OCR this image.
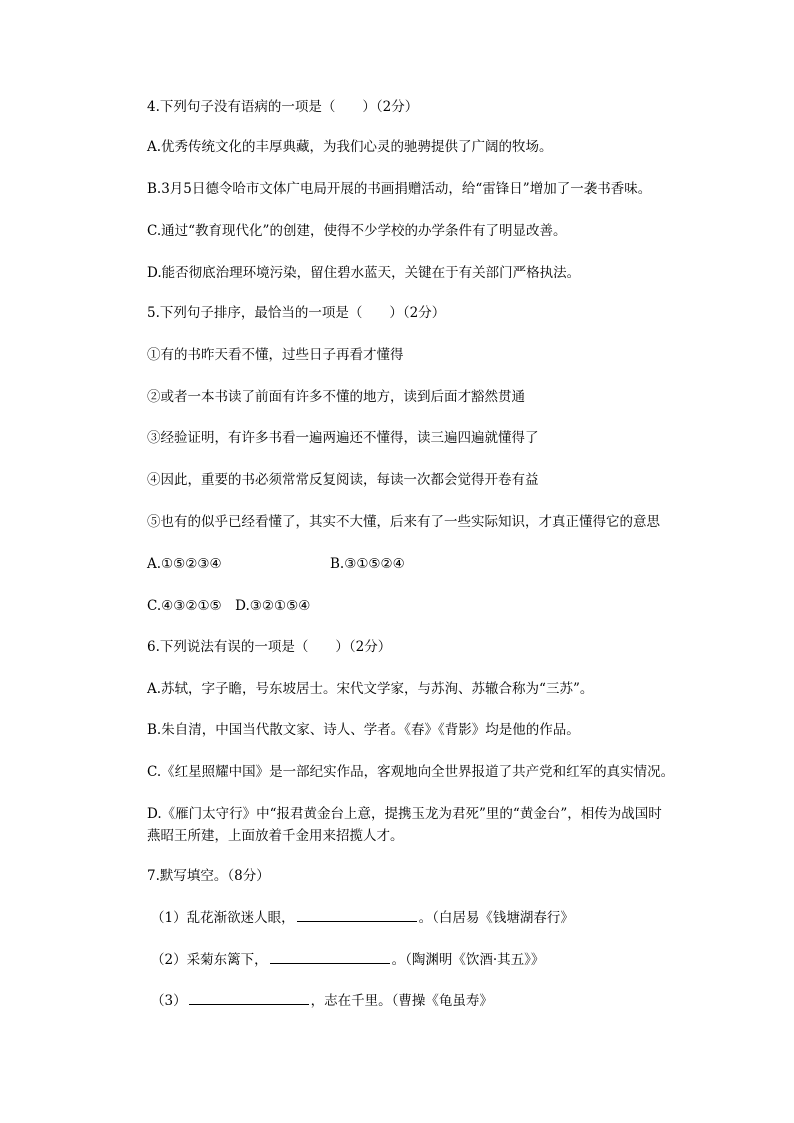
4.下列句子没有语病的一项是（　　）（2分）
A.优秀传统文化的丰厚典藏，为我们心灵的驰骋提供了广阔的牧场。
B.3月5日德令哈市文体广电局开展的书画捐赠活动，给“雷锋日”增加了一袭书香味。
C.通过“教育现代化”的创建，使得不少学校的办学条件有了明显改善。
D.能否彻底治理环境污染，留住碧水蓝天，关键在于有关部门严格执法。
5.下列句子排序，最恰当的一项是（　　）（2分）
①有的书昨天看不懂，过些日子再看才懂得
②或者一本书读了前面有许多不懂的地方，读到后面才豁然贯通
③经验证明，有许多书看一遍两遍还不懂得，读三遍四遍就懂得了
④因此，重要的书必须常常反复阅读，每读一次都会觉得开卷有益
⑤也有的似乎已经看懂了，其实不大懂，后来有了一些实际知识，才真正懂得它的意思
A.①⑤②③④	B.③①⑤②④
C.④③②①⑤　D.③②①⑤④
6.下列说法有误的一项是（　　）（2分）
A.苏轼，字子瞻，号东坡居士。宋代文学家，与苏洵、苏辙合称为“三苏”。
B.朱自清，中国当代散文家、诗人、学者。《春》《背影》均是他的作品。
C.《红星照耀中国》是一部纪实作品，客观地向全世界报道了共产党和红军的真实情况。
D.《雁门太守行》中“报君黄金台上意，提携玉龙为君死”里的“黄金台”，相传为战国时燕昭王所建，上面放着千金用来招揽人才。
7.默写填空。（8分）
（1）乱花渐欲迷人眼，	。（白居易《钱塘湖春行》
（2）采菊东篱下，	。（陶渊明《饮酒·其五》》
（3）	，志在千里。（曹操《龟虽寿》
